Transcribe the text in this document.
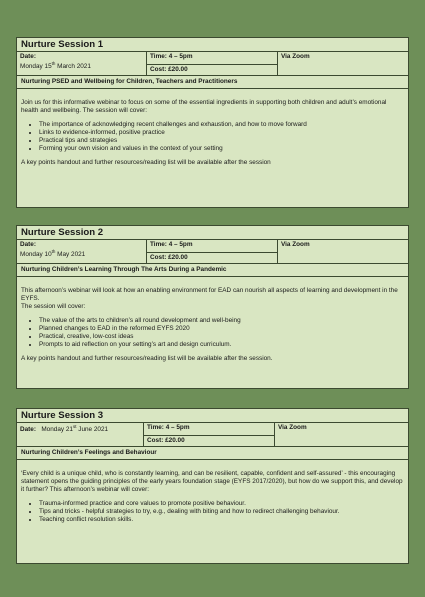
Nurture Session 1
Date:
Monday 15th March 2021
Time: 4 – 5pm
Cost: £20.00
Via Zoom
Nurturing PSED and Wellbeing for Children, Teachers and Practitioners

Join us for this informative webinar to focus on some of the essential ingredients in supporting both children and adult’s emotional health and wellbeing. The session will cover:

• The importance of acknowledging recent challenges and exhaustion, and how to move forward
• Links to evidence-informed, positive practice
• Practical tips and strategies
• Forming your own vision and values in the context of your setting

A key points handout and further resources/reading list will be available after the session

Nurture Session 2
Date:
Monday 10th May 2021
Time: 4 – 5pm
Cost: £20.00
Via Zoom
Nurturing Children’s Learning Through The Arts During a Pandemic

This afternoon’s webinar will look at how an enabling environment for EAD can nourish all aspects of learning and development in the EYFS.

The session will cover:

• The value of the arts to children’s all round development and well-being
• Planned changes to EAD in the reformed EYFS 2020
• Practical, creative, low-cost ideas
• Prompts to aid reflection on your setting’s art and design curriculum.

A key points handout and further resources/reading list will be available after the session.

Nurture Session 3
Date: Monday 21st June 2021	Time: 4 – 5pm
Cost: £20.00
Via Zoom
Nurturing Children’s Feelings and Behaviour

‘Every child is a unique child, who is constantly learning, and can be resilient, capable, confident and self-assured’ - this encouraging statement opens the guiding principles of the early years foundation stage (EYFS 2017/2020), but how do we support this, and develop it further? This afternoon’s webinar will cover:

• Trauma-informed practice and core values to promote positive behaviour.
• Tips and tricks - helpful strategies to try, e.g., dealing with biting and how to redirect challenging behaviour.
• Teaching conflict resolution skills.
